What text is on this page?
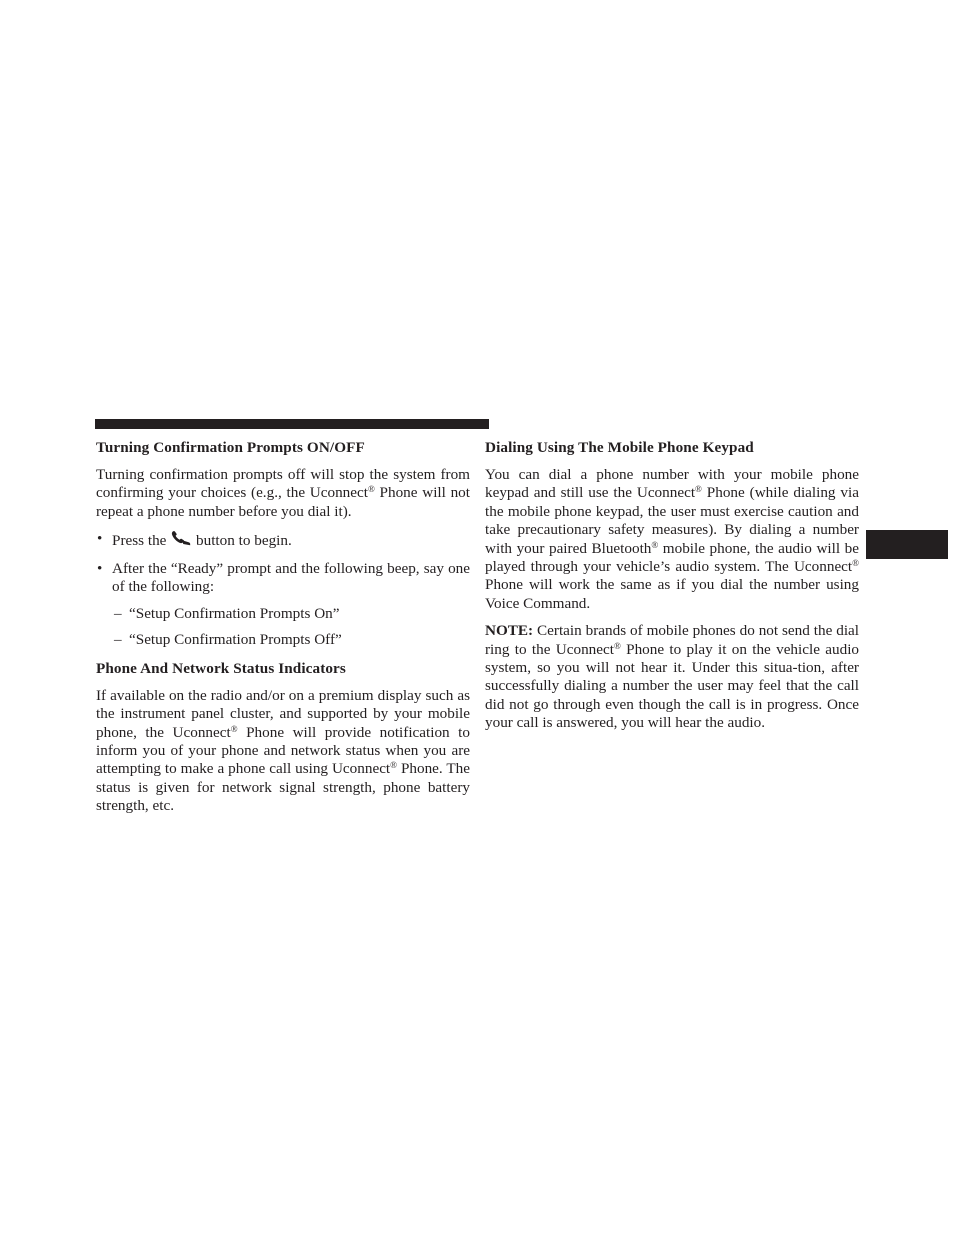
Turning Confirmation Prompts ON/OFF

Turning confirmation prompts off will stop the system from confirming your choices (e.g., the Uconnect® Phone will not repeat a phone number before you dial it).

• Press the  button to begin.
• After the “Ready” prompt and the following beep, say one of the following:
– “Setup Confirmation Prompts On”
– “Setup Confirmation Prompts Off”
Phone And Network Status Indicators

If available on the radio and/or on a premium display such as the instrument panel cluster, and supported by your mobile phone, the Uconnect® Phone will provide notification to inform you of your phone and network status when you are attempting to make a phone call using Uconnect® Phone. The status is given for network signal strength, phone battery strength, etc.

Dialing Using The Mobile Phone Keypad

You can dial a phone number with your mobile phone keypad and still use the Uconnect® Phone (while dialing via the mobile phone keypad, the user must exercise caution and take precautionary safety measures). By dialing a number with your paired Bluetooth® mobile phone, the audio will be played through your vehicle’s audio system. The Uconnect® Phone will work the same as if you dial the number using Voice Command.

NOTE: Certain brands of mobile phones do not send the dial ring to the Uconnect® Phone to play it on the vehicle audio system, so you will not hear it. Under this situa-tion, after successfully dialing a number the user may feel that the call did not go through even though the call is in progress. Once your call is answered, you will hear the audio.
